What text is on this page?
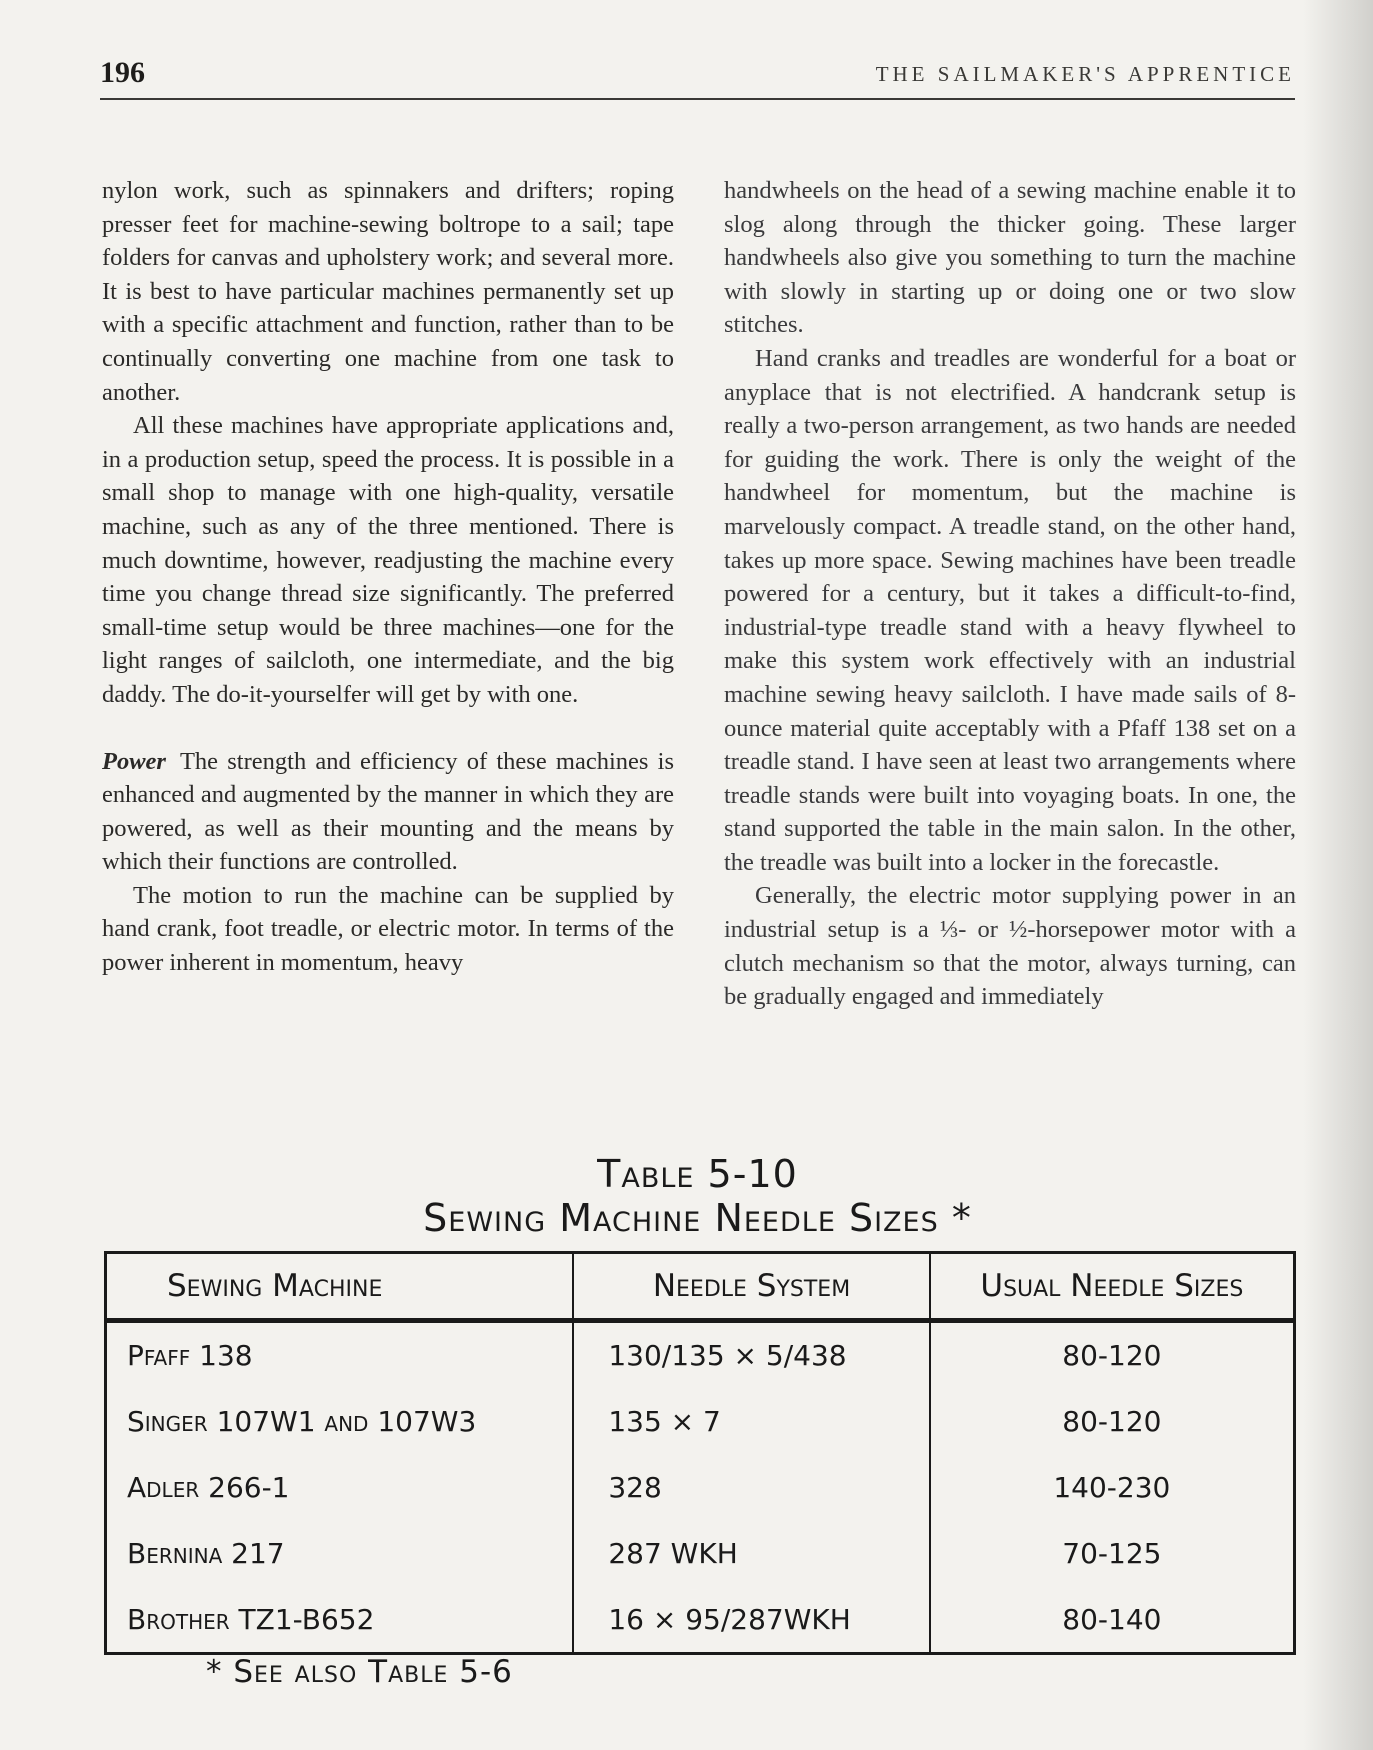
196	THE SAILMAKER'S APPRENTICE

nylon work, such as spinnakers and drifters; roping presser feet for machine-sewing boltrope to a sail; tape folders for canvas and upholstery work; and several more. It is best to have particular machines permanently set up with a specific attachment and function, rather than to be continually converting one machine from one task to another.

All these machines have appropriate applications and, in a production setup, speed the process. It is possible in a small shop to manage with one high-quality, versatile machine, such as any of the three mentioned. There is much downtime, however, readjusting the machine every time you change thread size significantly. The preferred small-time setup would be three machines—one for the light ranges of sailcloth, one intermediate, and the big daddy. The do-it-yourselfer will get by with one.

Power The strength and efficiency of these machines is enhanced and augmented by the manner in which they are powered, as well as their mounting and the means by which their functions are controlled.

The motion to run the machine can be supplied by hand crank, foot treadle, or electric motor. In terms of the power inherent in momentum, heavy

handwheels on the head of a sewing machine enable it to slog along through the thicker going. These larger handwheels also give you something to turn the machine with slowly in starting up or doing one or two slow stitches.

Hand cranks and treadles are wonderful for a boat or anyplace that is not electrified. A handcrank setup is really a two-person arrangement, as two hands are needed for guiding the work. There is only the weight of the handwheel for momentum, but the machine is marvelously compact. A treadle stand, on the other hand, takes up more space. Sewing machines have been treadle powered for a century, but it takes a difficult-to-find, industrial-type treadle stand with a heavy flywheel to make this system work effectively with an industrial machine sewing heavy sailcloth. I have made sails of 8-ounce material quite acceptably with a Pfaff 138 set on a treadle stand. I have seen at least two arrangements where treadle stands were built into voyaging boats. In one, the stand supported the table in the main salon. In the other, the treadle was built into a locker in the forecastle.

Generally, the electric motor supplying power in an industrial setup is a ⅓- or ½-horsepower motor with a clutch mechanism so that the motor, always turning, can be gradually engaged and immediately

Table 5-10
Sewing Machine Needle Sizes *
Sewing Machine	Needle System	Usual Needle Sizes
Pfaff 138	130/135 × 5/438	80-120
Singer 107W1 and 107W3	135 × 7	80-120
Adler 266-1	328	140-230
Bernina 217	287 WKH	70-125
Brother TZ1-B652	16 × 95/287WKH	80-140
* See also Table 5-6
